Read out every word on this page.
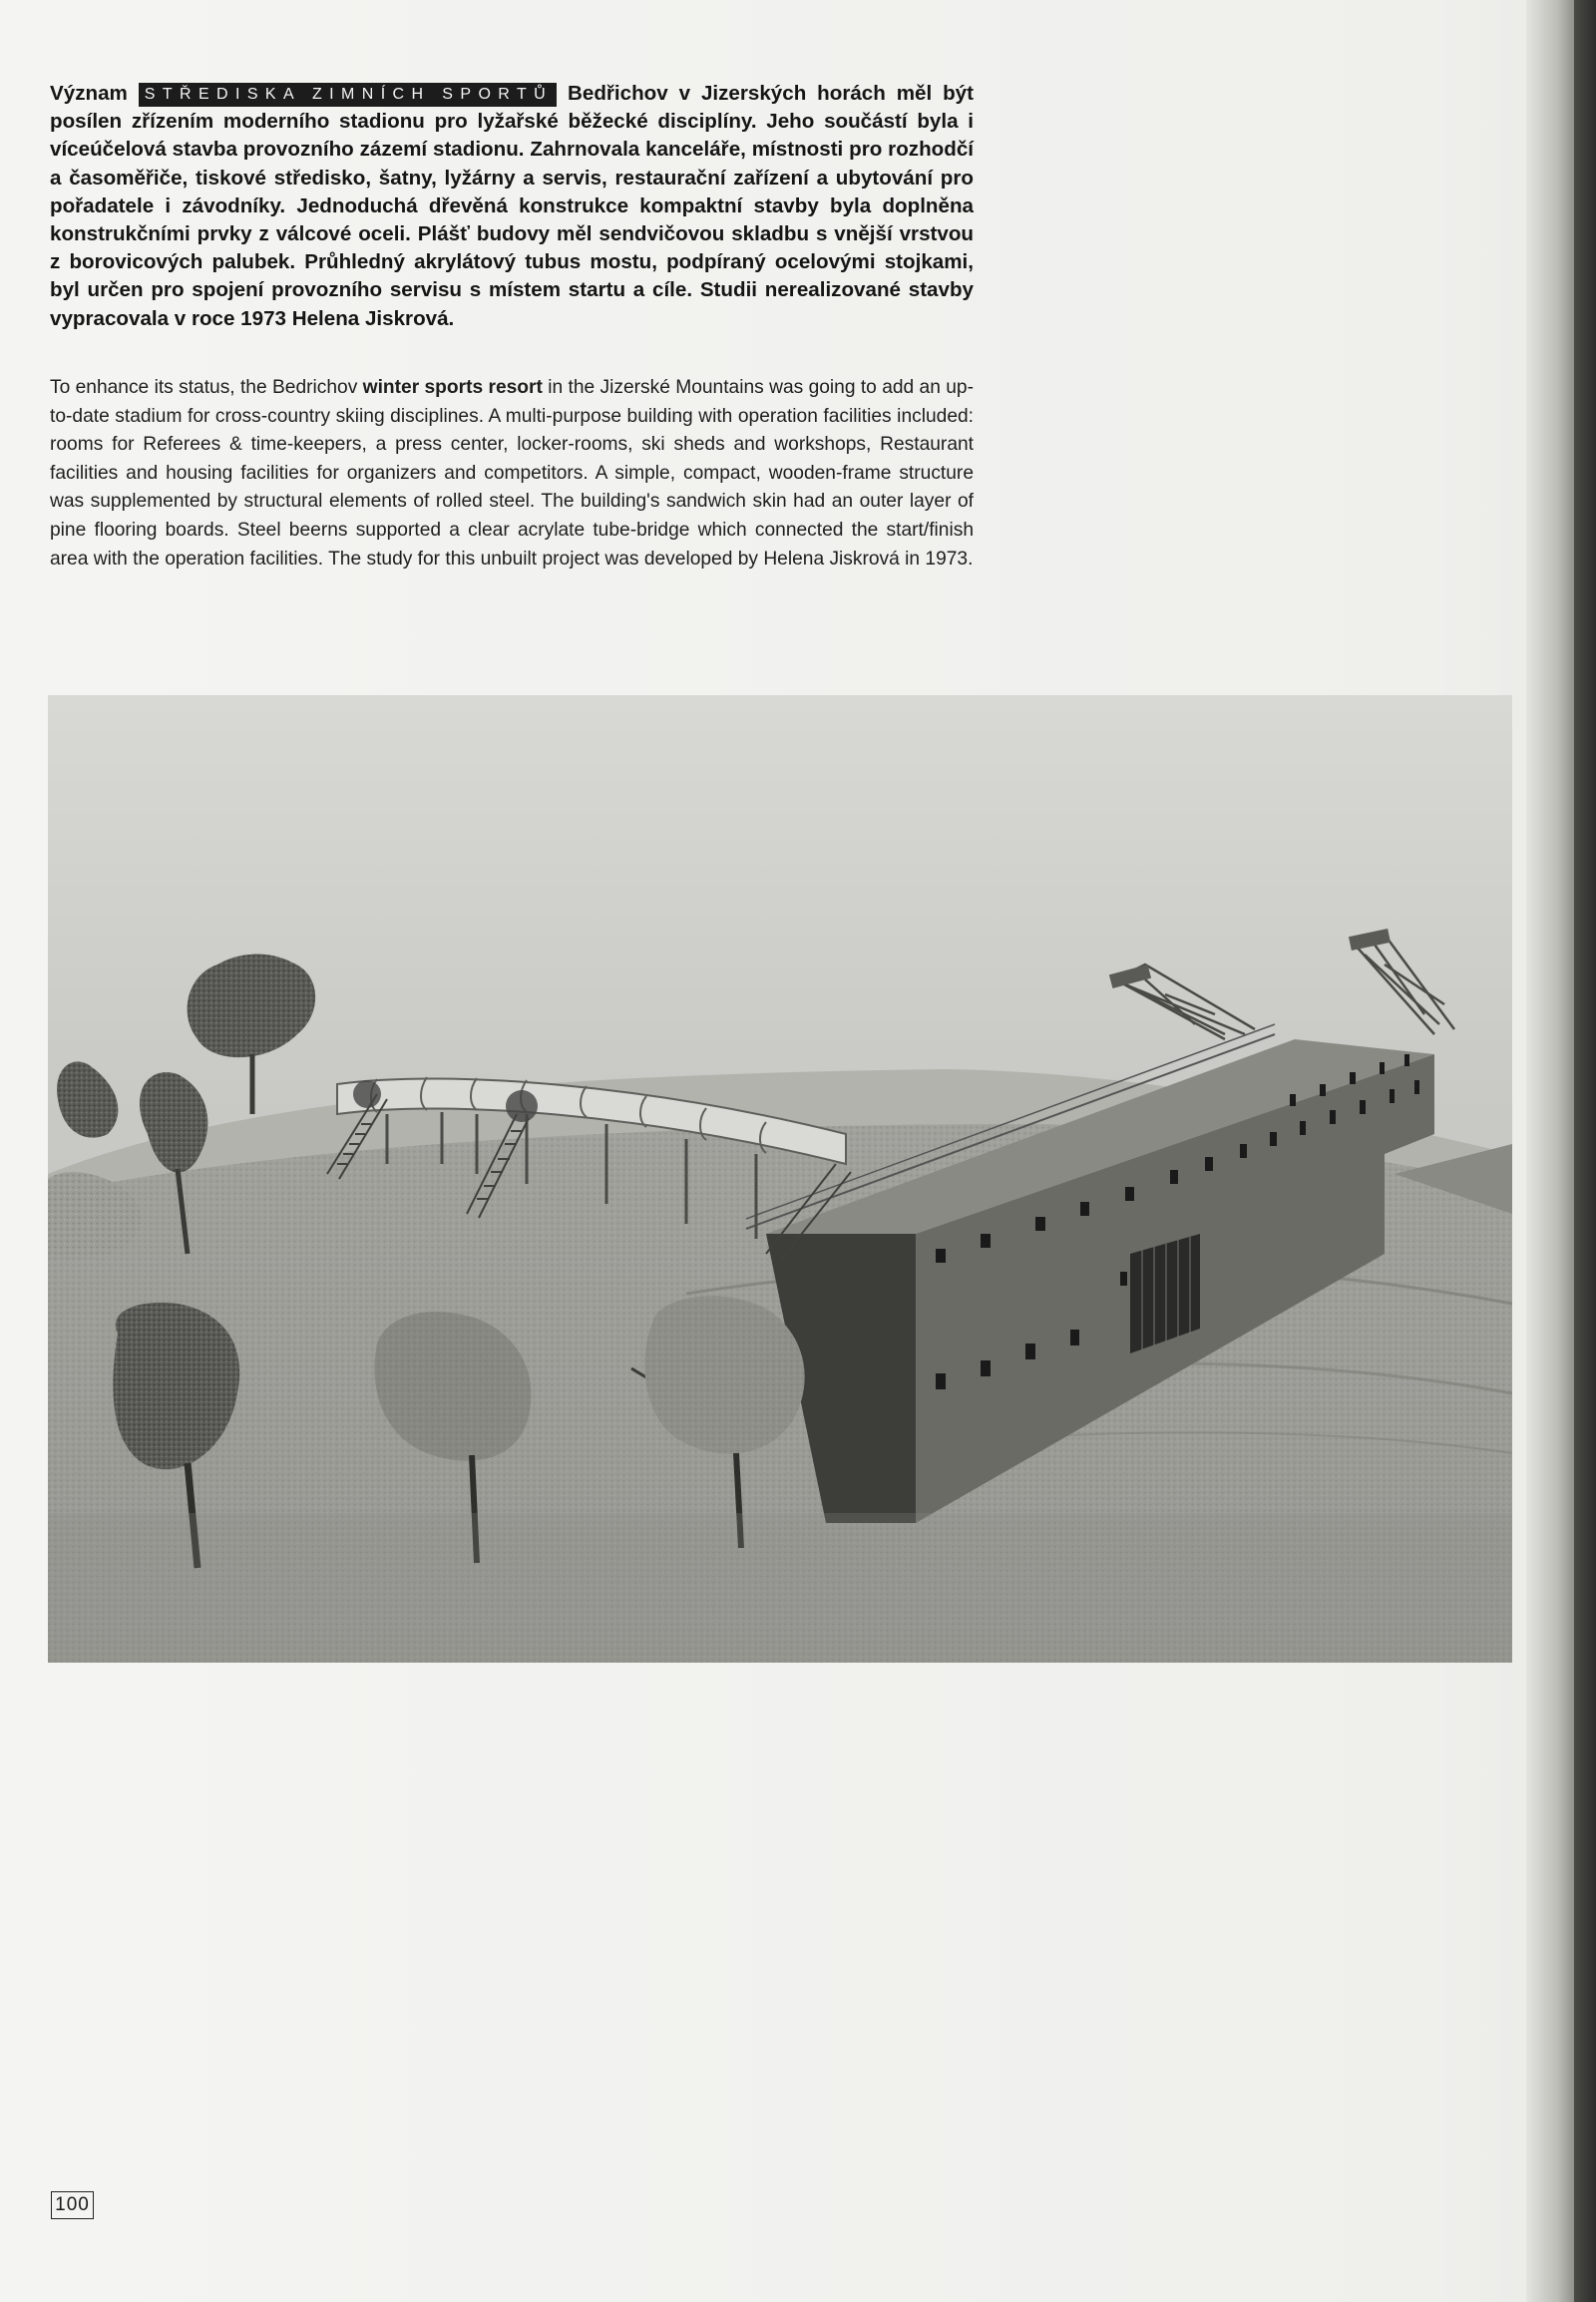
Význam STŘEDISKA ZIMNÍCH SPORTŮ Bedřichov v Jizerských horách měl být posílen zřízením moderního stadionu pro lyžařské běžecké disciplíny. Jeho součástí byla i víceúčelová stavba provozního zázemí stadionu. Zahrnovala kanceláře, místnosti pro rozhodčí a časoměřiče, tiskové středisko, šatny, lyžárny a servis, restaurační zařízení a ubytování pro pořadatele i závodníky. Jednoduchá dřevěná konstrukce kompaktní stavby byla doplněna konstrukčními prvky z válcové oceli. Plášť budovy měl sendvičovou skladbu s vnější vrstvou z borovicových palubek. Průhledný akrylátový tubus mostu, podpíraný ocelovými stojkami, byl určen pro spojení provozního servisu s místem startu a cíle. Studii nerealizované stavby vypracovala v roce 1973 Helena Jiskrová.

To enhance its status, the Bedrichov winter sports resort in the Jizerské Mountains was going to add an up-to-date stadium for cross-country skiing disciplines. A multi-purpose building with operation facilities included: rooms for Referees & time-keepers, a press center, locker-rooms, ski sheds and workshops, Restaurant facilities and housing facilities for organizers and competitors. A simple, compact, wooden-frame structure was supplemented by structural elements of rolled steel. The building's sandwich skin had an outer layer of pine flooring boards. Steel beerns supported a clear acrylate tube-bridge which connected the start/finish area with the operation facilities. The study for this unbuilt project was developed by Helena Jiskrová in 1973.

100
